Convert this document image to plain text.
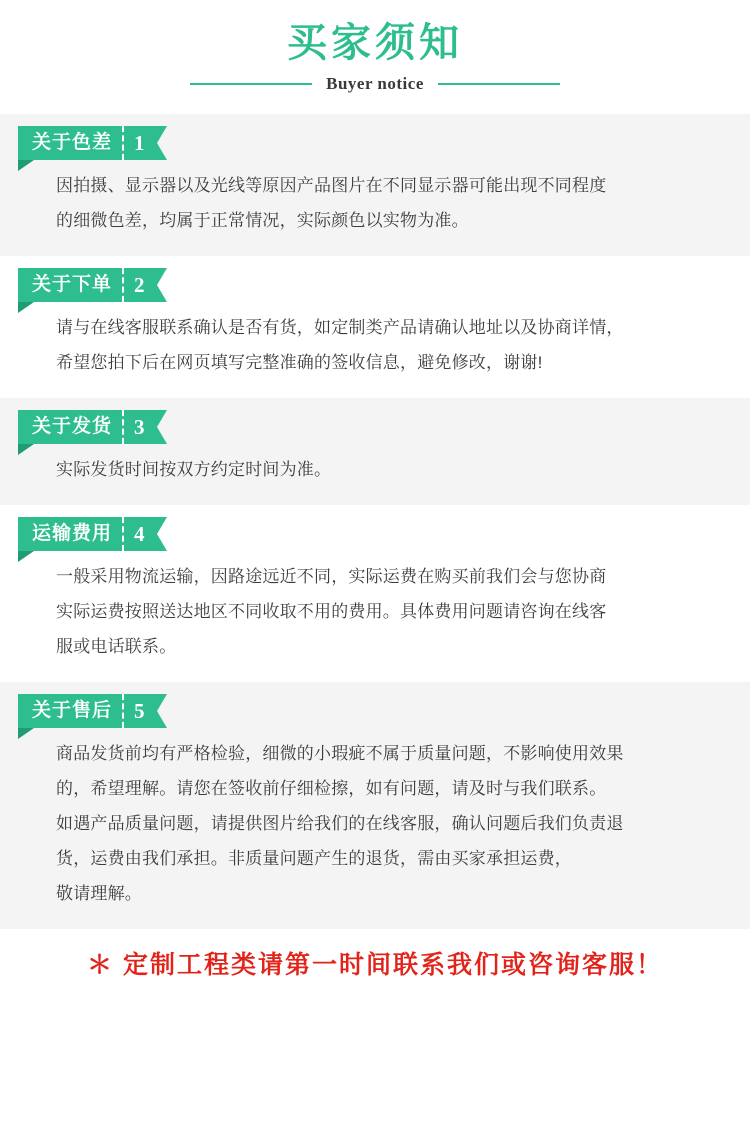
买家须知
Buyer notice
关于色差	1

因拍摄、显示器以及光线等原因产品图片在不同显示器可能出现不同程度

的细微色差，均属于正常情况，实际颜色以实物为准。

关于下单	2

请与在线客服联系确认是否有货，如定制类产品请确认地址以及协商详情，

希望您拍下后在网页填写完整准确的签收信息，避免修改，谢谢!

关于发货	3

实际发货时间按双方约定时间为准。

运输费用	4

一般采用物流运输，因路途远近不同，实际运费在购买前我们会与您协商

实际运费按照送达地区不同收取不用的费用。具体费用问题请咨询在线客

服或电话联系。

关于售后	5

商品发货前均有严格检验，细微的小瑕疵不属于质量问题，不影响使用效果

的，希望理解。请您在签收前仔细检擦，如有问题，请及时与我们联系。

如遇产品质量问题，请提供图片给我们的在线客服，确认问题后我们负责退

货，运费由我们承担。非质量问题产生的退货，需由买家承担运费，

敬请理解。

＊ 定制工程类请第一时间联系我们或咨询客服！
